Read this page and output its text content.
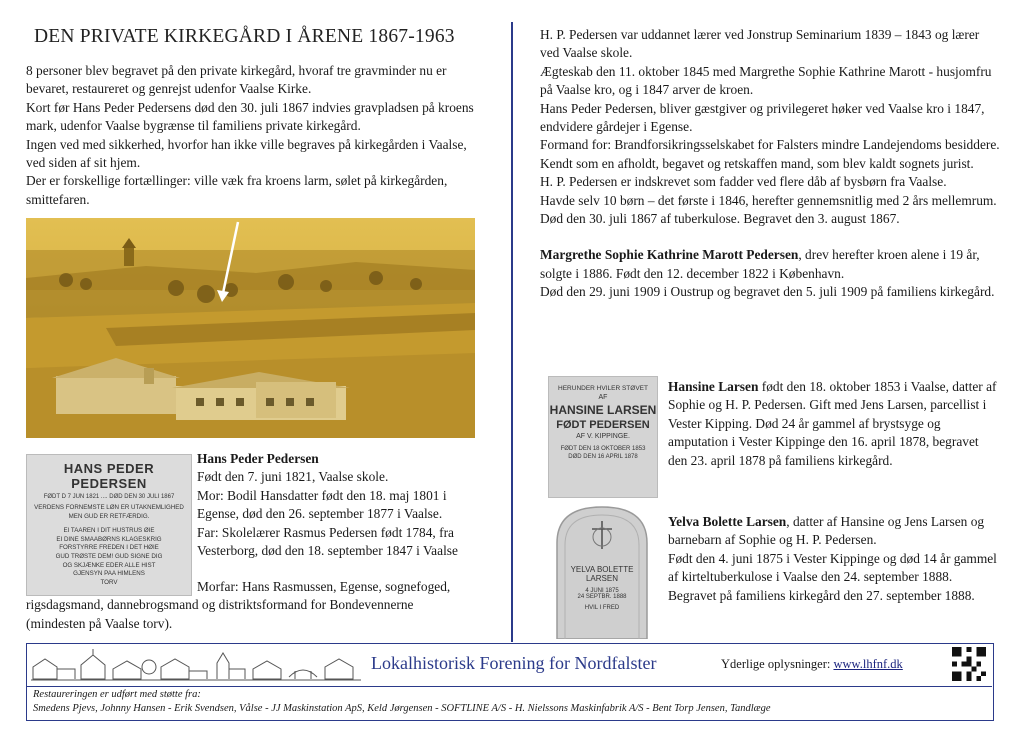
DEN PRIVATE KIRKEGÅRD I ÅRENE 1867-1963

8 personer blev begravet på den private kirkegård, hvoraf tre gravminder nu er bevaret, restaureret og genrejst udenfor Vaalse Kirke.

Kort før Hans Peder Pedersens død den 30. juli 1867 indvies gravpladsen på kroens mark, udenfor Vaalse bygrænse til familiens private kirkegård.

Ingen ved med sikkerhed, hvorfor han ikke ville begraves på kirkegården i Vaalse, ved siden af sit hjem.

Der er forskellige fortællinger: ville væk fra kroens larm, sølet på kirkegården, smittefaren.

HANS PEDER PEDERSEN
FØDT D 7 JUN 1821 .... DØD DEN 30 JULI 1867
VERDENS FORNEMSTE LØN ER UTAKNEMLIGHED
MEN GUD ER RETFÆRDIG.
EI TAAREN I DIT HUSTRUS ØIE
EI DINE SMAABØRNS KLAGESKRIG
FORSTYRRE FREDEN I DET HØIE
GUD TRØSTE DEM! GUD SIGNE DIG
OG SKJÆNKE EDER ALLE HIST
GJENSYN PAA HIMLENS
TORV

Hans Peder Pedersen

Født den 7. juni 1821, Vaalse skole.

Mor: Bodil Hansdatter født den 18. maj 1801 i Egense, død den 26. september 1877 i Vaalse.

Far: Skolelærer Rasmus Pedersen født 1784, fra Vesterborg, død den 18. september 1847 i Vaalse

Morfar: Hans Rasmussen, Egense, sognefoged, rigsdagsmand, dannebrogsmand og distriktsformand for Bondevennerne (mindesten på Vaalse torv).

H. P. Pedersen var uddannet lærer ved Jonstrup Seminarium 1839 – 1843 og lærer ved Vaalse skole.

Ægteskab den 11. oktober 1845 med Margrethe Sophie Kathrine Marott - husjomfru på Vaalse kro, og i 1847 arver de kroen.

Hans Peder Pedersen, bliver gæstgiver og privilegeret høker ved Vaalse kro i 1847, endvidere gårdejer i Egense.

Formand for: Brandforsikringsselskabet for Falsters mindre Landejendoms besiddere. Kendt som en afholdt, begavet og retskaffen mand, som blev kaldt sognets jurist.

H. P. Pedersen er indskrevet som fadder ved flere dåb af bysbørn fra Vaalse.

Havde selv 10 børn – det første i 1846, herefter gennemsnitlig med 2 års mellemrum.

Død den 30. juli 1867 af tuberkulose. Begravet den 3. august 1867.

Margrethe Sophie Kathrine Marott Pedersen, drev herefter kroen alene i 19 år, solgte i 1886. Født den 12. december 1822 i København.

Død den 29. juni 1909 i Oustrup og begravet den 5. juli 1909 på familiens kirkegård.

HERUNDER HVILER STØVET
AF
HANSINE LARSEN
FØDT PEDERSEN
AF V. KIPPINGE.
FØDT DEN 18 OKTOBER 1853
DØD DEN 16 APRIL 1878

Hansine Larsen født den 18. oktober 1853 i Vaalse, datter af Sophie og H. P. Pedersen. Gift med Jens Larsen, parcellist i Vester Kipping. Død 24 år gammel af brystsyge og amputation i Vester Kippinge den 16. april 1878, begravet den 23. april 1878 på familiens kirkegård.

YELVA BOLETTE
LARSEN
4 JUNI 1875
24 SEPTBR. 1888
HVIL I FRED

Yelva Bolette Larsen, datter af Hansine og Jens Larsen og barnebarn af Sophie og H. P. Pedersen.

Født den 4. juni 1875 i Vester Kippinge og død 14 år gammel af kirteltuberkulose i Vaalse den 24. september 1888.

Begravet på familiens kirkegård den 27. september 1888.

Lokalhistorisk Forening for Nordfalster	Yderlige oplysninger: www.lhfnf.dk
Restaureringen er udført med støtte fra:
Smedens Pjevs, Johnny Hansen - Erik Svendsen, Vålse - JJ Maskinstation ApS, Keld Jørgensen - SOFTLINE A/S - H. Nielssons Maskinfabrik A/S - Bent Torp Jensen, Tandlæge
